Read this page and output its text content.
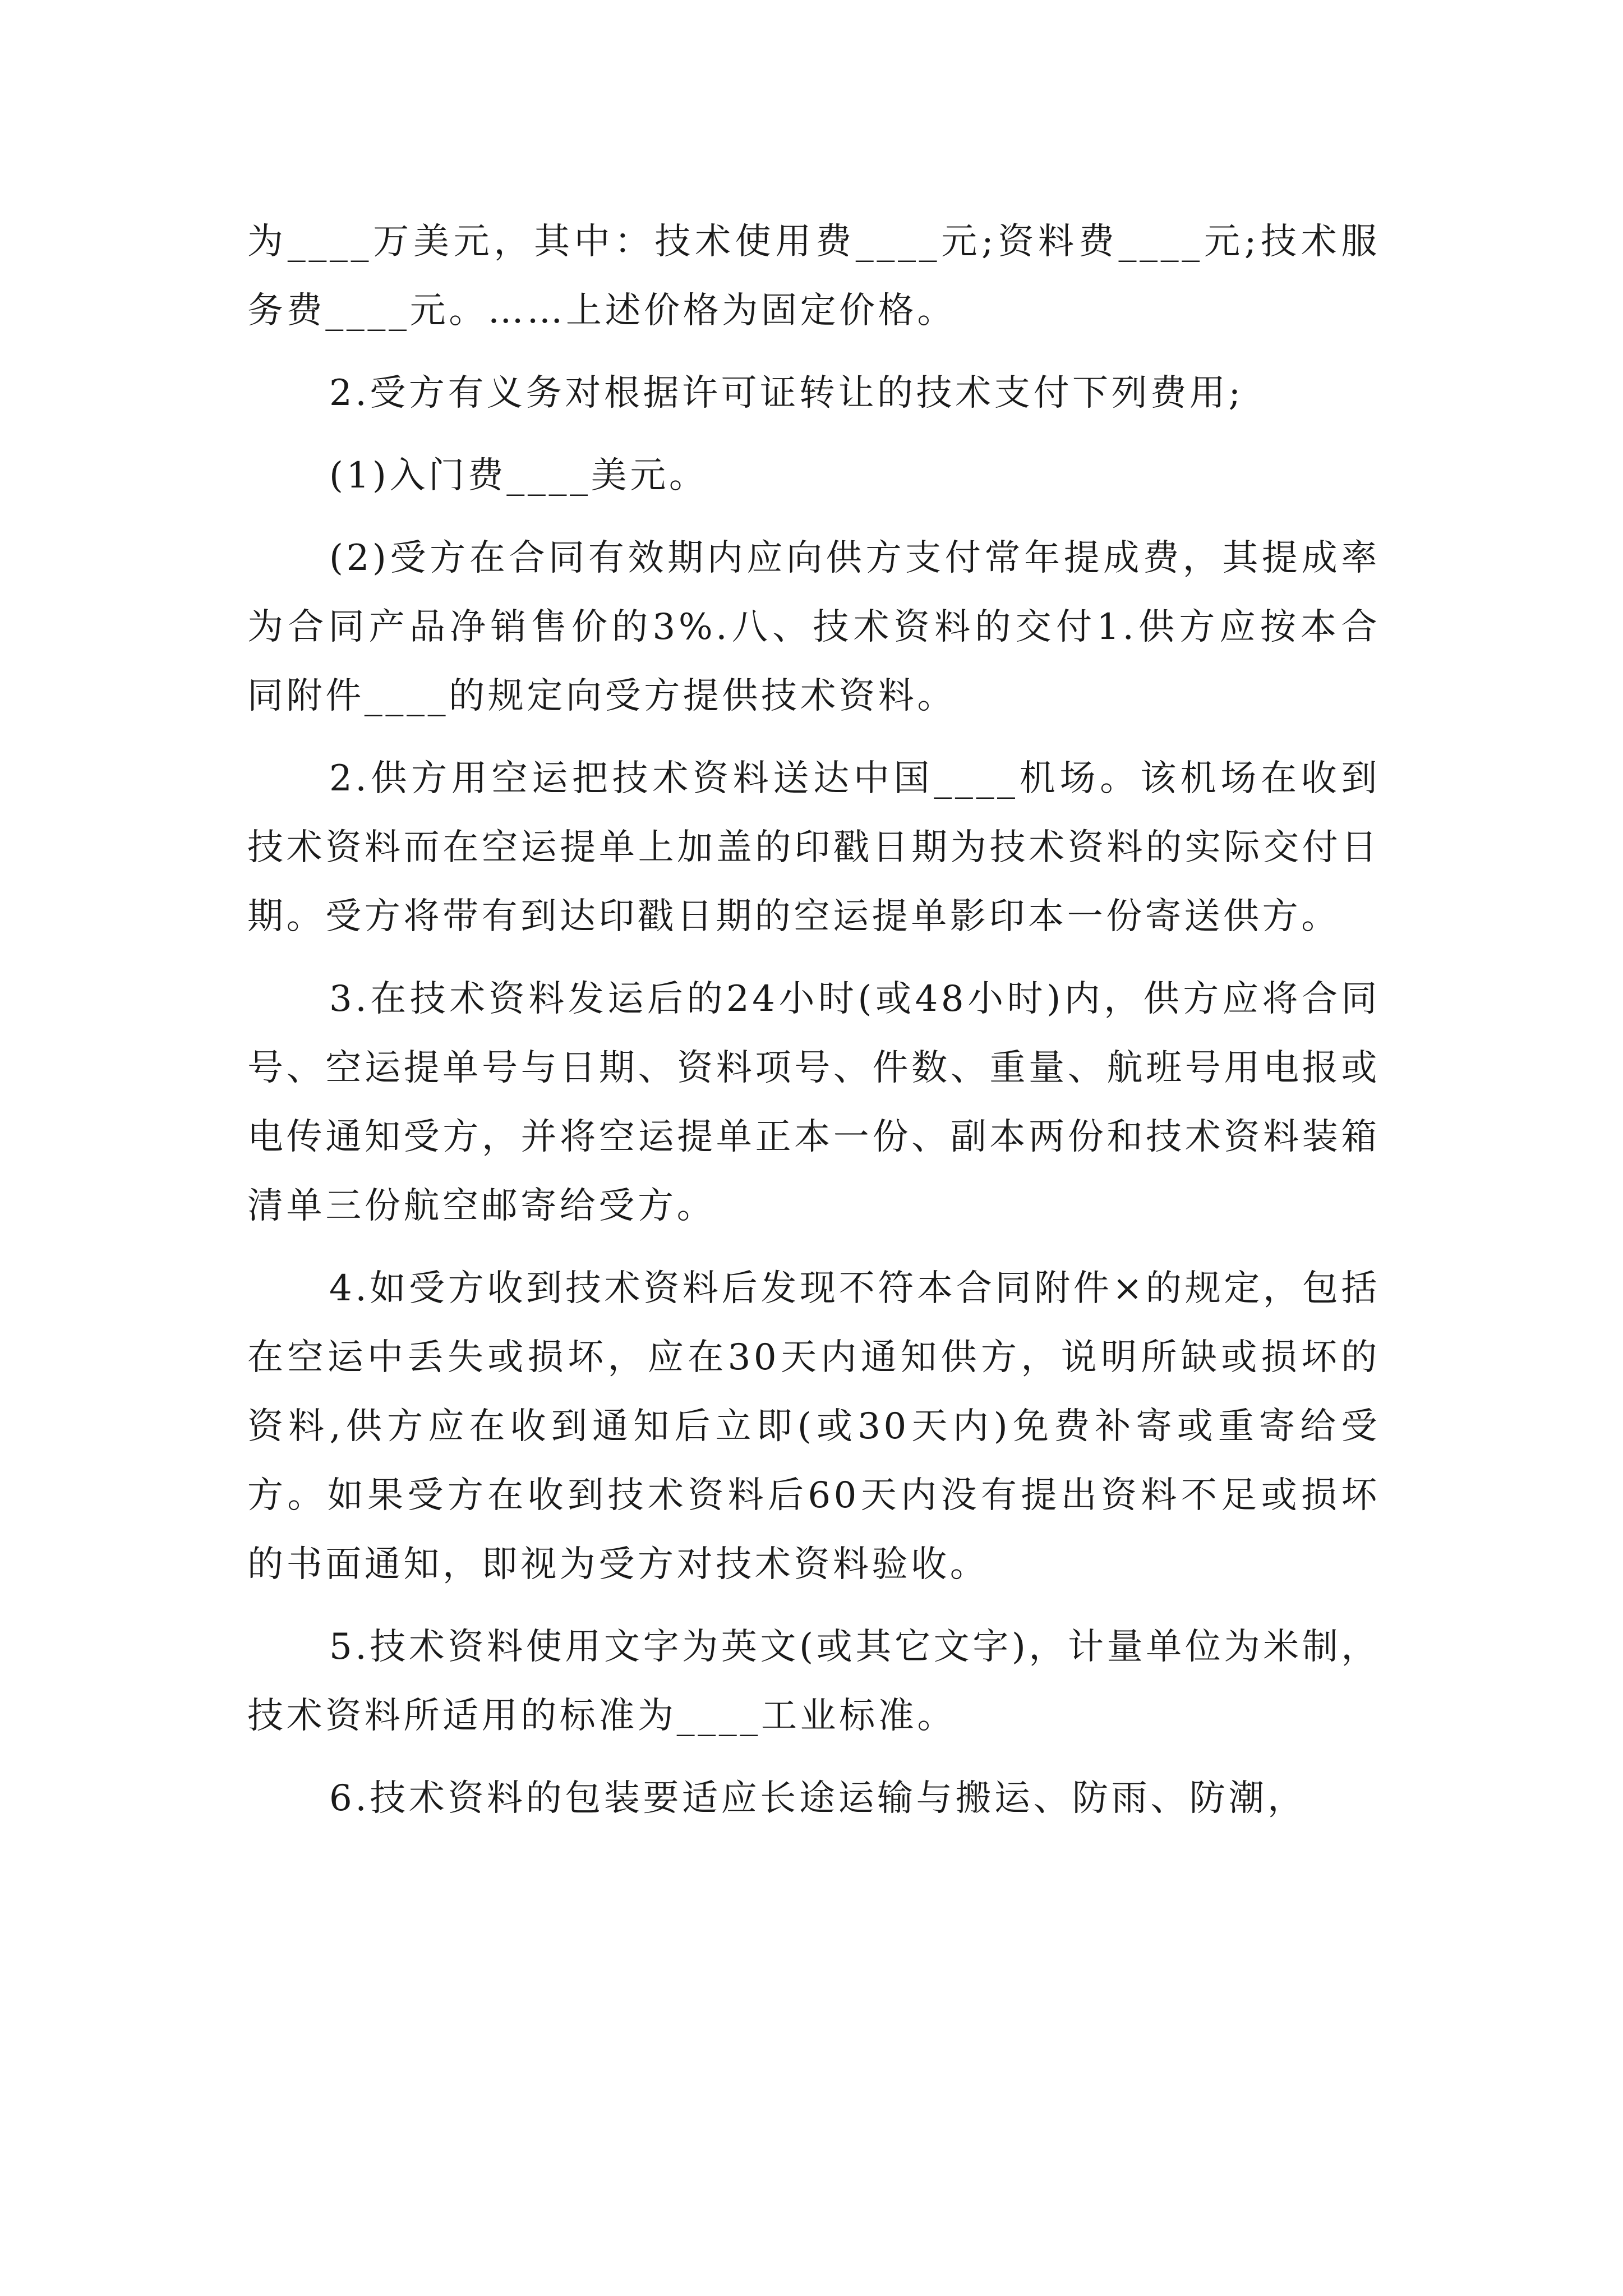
为____万美元，其中：技术使用费____元;资料费____元;技术服务费____元。……上述价格为固定价格。

2.受方有义务对根据许可证转让的技术支付下列费用;

(1)入门费____美元。

(2)受方在合同有效期内应向供方支付常年提成费，其提成率为合同产品净销售价的3%.八、技术资料的交付1.供方应按本合同附件____的规定向受方提供技术资料。

2.供方用空运把技术资料送达中国____机场。该机场在收到技术资料而在空运提单上加盖的印戳日期为技术资料的实际交付日期。受方将带有到达印戳日期的空运提单影印本一份寄送供方。

3.在技术资料发运后的24小时(或48小时)内，供方应将合同号、空运提单号与日期、资料项号、件数、重量、航班号用电报或电传通知受方，并将空运提单正本一份、副本两份和技术资料装箱清单三份航空邮寄给受方。

4.如受方收到技术资料后发现不符本合同附件×的规定，包括在空运中丢失或损坏，应在30天内通知供方，说明所缺或损坏的资料,供方应在收到通知后立即(或30天内)免费补寄或重寄给受方。如果受方在收到技术资料后60天内没有提出资料不足或损坏的书面通知，即视为受方对技术资料验收。

5.技术资料使用文字为英文(或其它文字)，计量单位为米制，技术资料所适用的标准为____工业标准。

6.技术资料的包装要适应长途运输与搬运、防雨、防潮，
